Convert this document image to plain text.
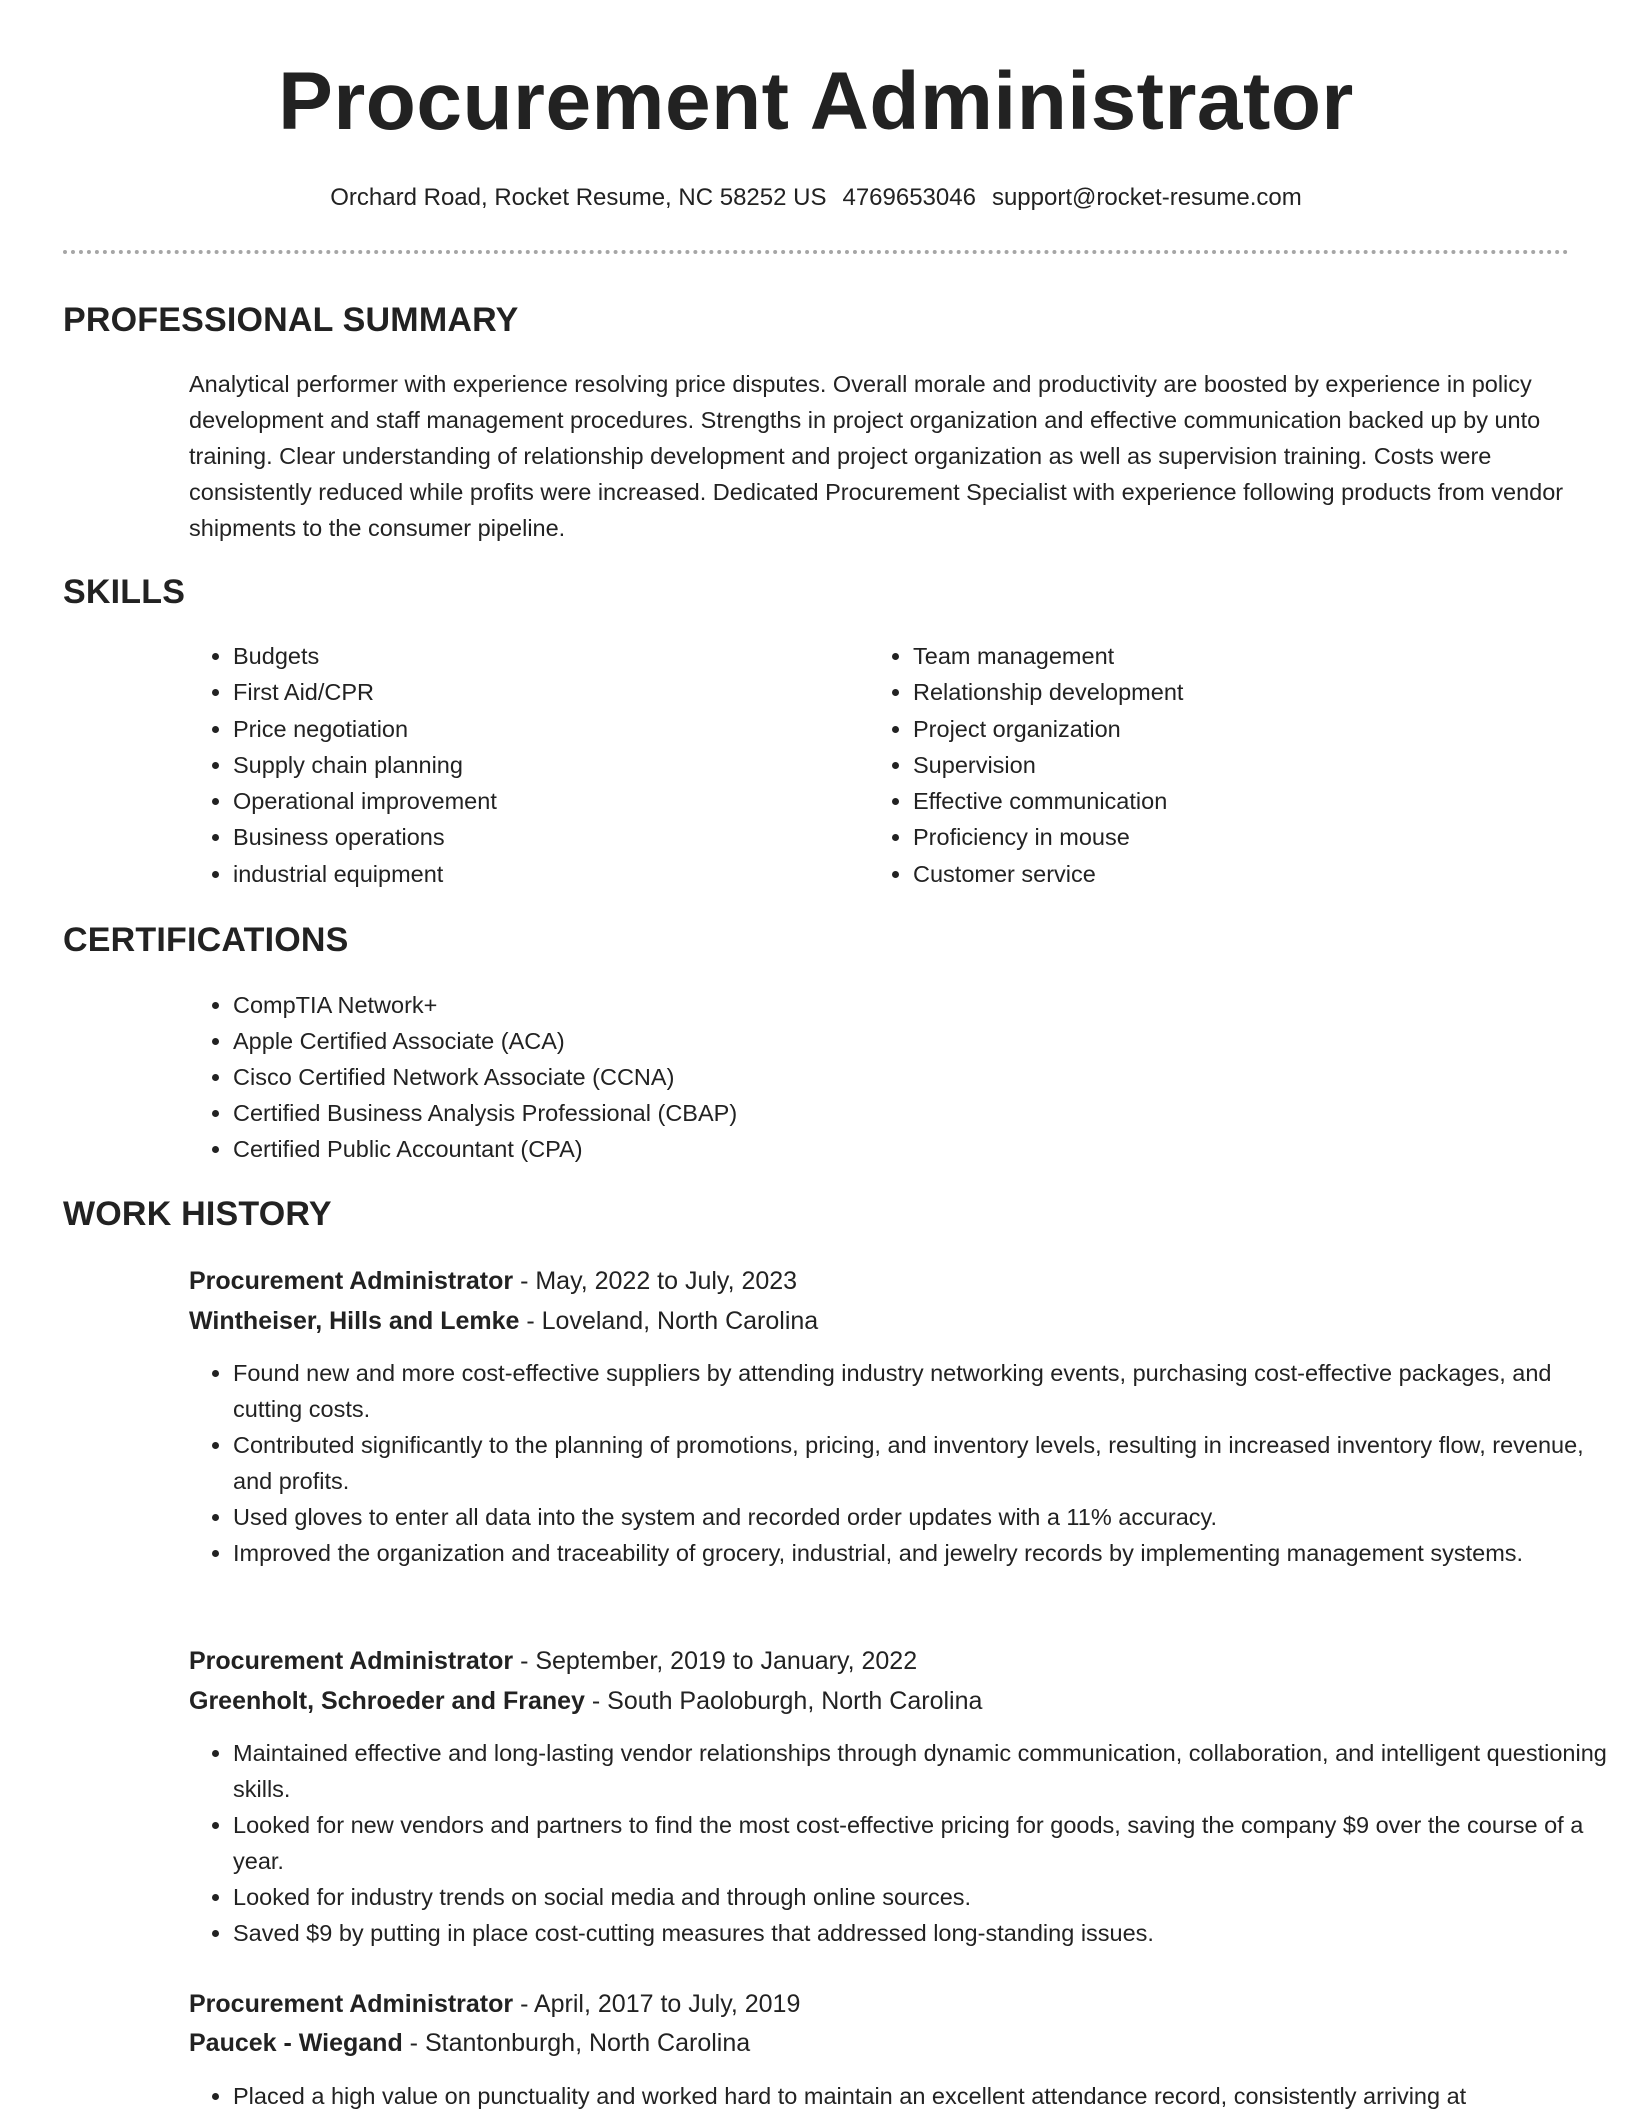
Procurement Administrator
Orchard Road, Rocket Resume, NC 58252 US 4769653046 support@rocket-resume.com
PROFESSIONAL SUMMARY

Analytical performer with experience resolving price disputes. Overall morale and productivity are boosted by experience in policy development and staff management procedures. Strengths in project organization and effective communication backed up by unto training. Clear understanding of relationship development and project organization as well as supervision training. Costs were consistently reduced while profits were increased. Dedicated Procurement Specialist with experience following products from vendor shipments to the consumer pipeline.

SKILLS
• Budgets
• First Aid/CPR
• Price negotiation
• Supply chain planning
• Operational improvement
• Business operations
• industrial equipment
• Team management
• Relationship development
• Project organization
• Supervision
• Effective communication
• Proficiency in mouse
• Customer service
CERTIFICATIONS
• CompTIA Network+
• Apple Certified Associate (ACA)
• Cisco Certified Network Associate (CCNA)
• Certified Business Analysis Professional (CBAP)
• Certified Public Accountant (CPA)
WORK HISTORY
Procurement Administrator - May, 2022 to July, 2023
Wintheiser, Hills and Lemke - Loveland, North Carolina
• Found new and more cost-effective suppliers by attending industry networking events, purchasing cost-effective packages, and cutting costs.
• Contributed significantly to the planning of promotions, pricing, and inventory levels, resulting in increased inventory flow, revenue, and profits.
• Used gloves to enter all data into the system and recorded order updates with a 11% accuracy.
• Improved the organization and traceability of grocery, industrial, and jewelry records by implementing management systems.
Procurement Administrator - September, 2019 to January, 2022
Greenholt, Schroeder and Franey - South Paoloburgh, North Carolina
• Maintained effective and long-lasting vendor relationships through dynamic communication, collaboration, and intelligent questioning skills.
• Looked for new vendors and partners to find the most cost-effective pricing for goods, saving the company $9 over the course of a year.
• Looked for industry trends on social media and through online sources.
• Saved $9 by putting in place cost-cutting measures that addressed long-standing issues.
Procurement Administrator - April, 2017 to July, 2019
Paucek - Wiegand - Stantonburgh, North Carolina
• Placed a high value on punctuality and worked hard to maintain an excellent attendance record, consistently arriving at
